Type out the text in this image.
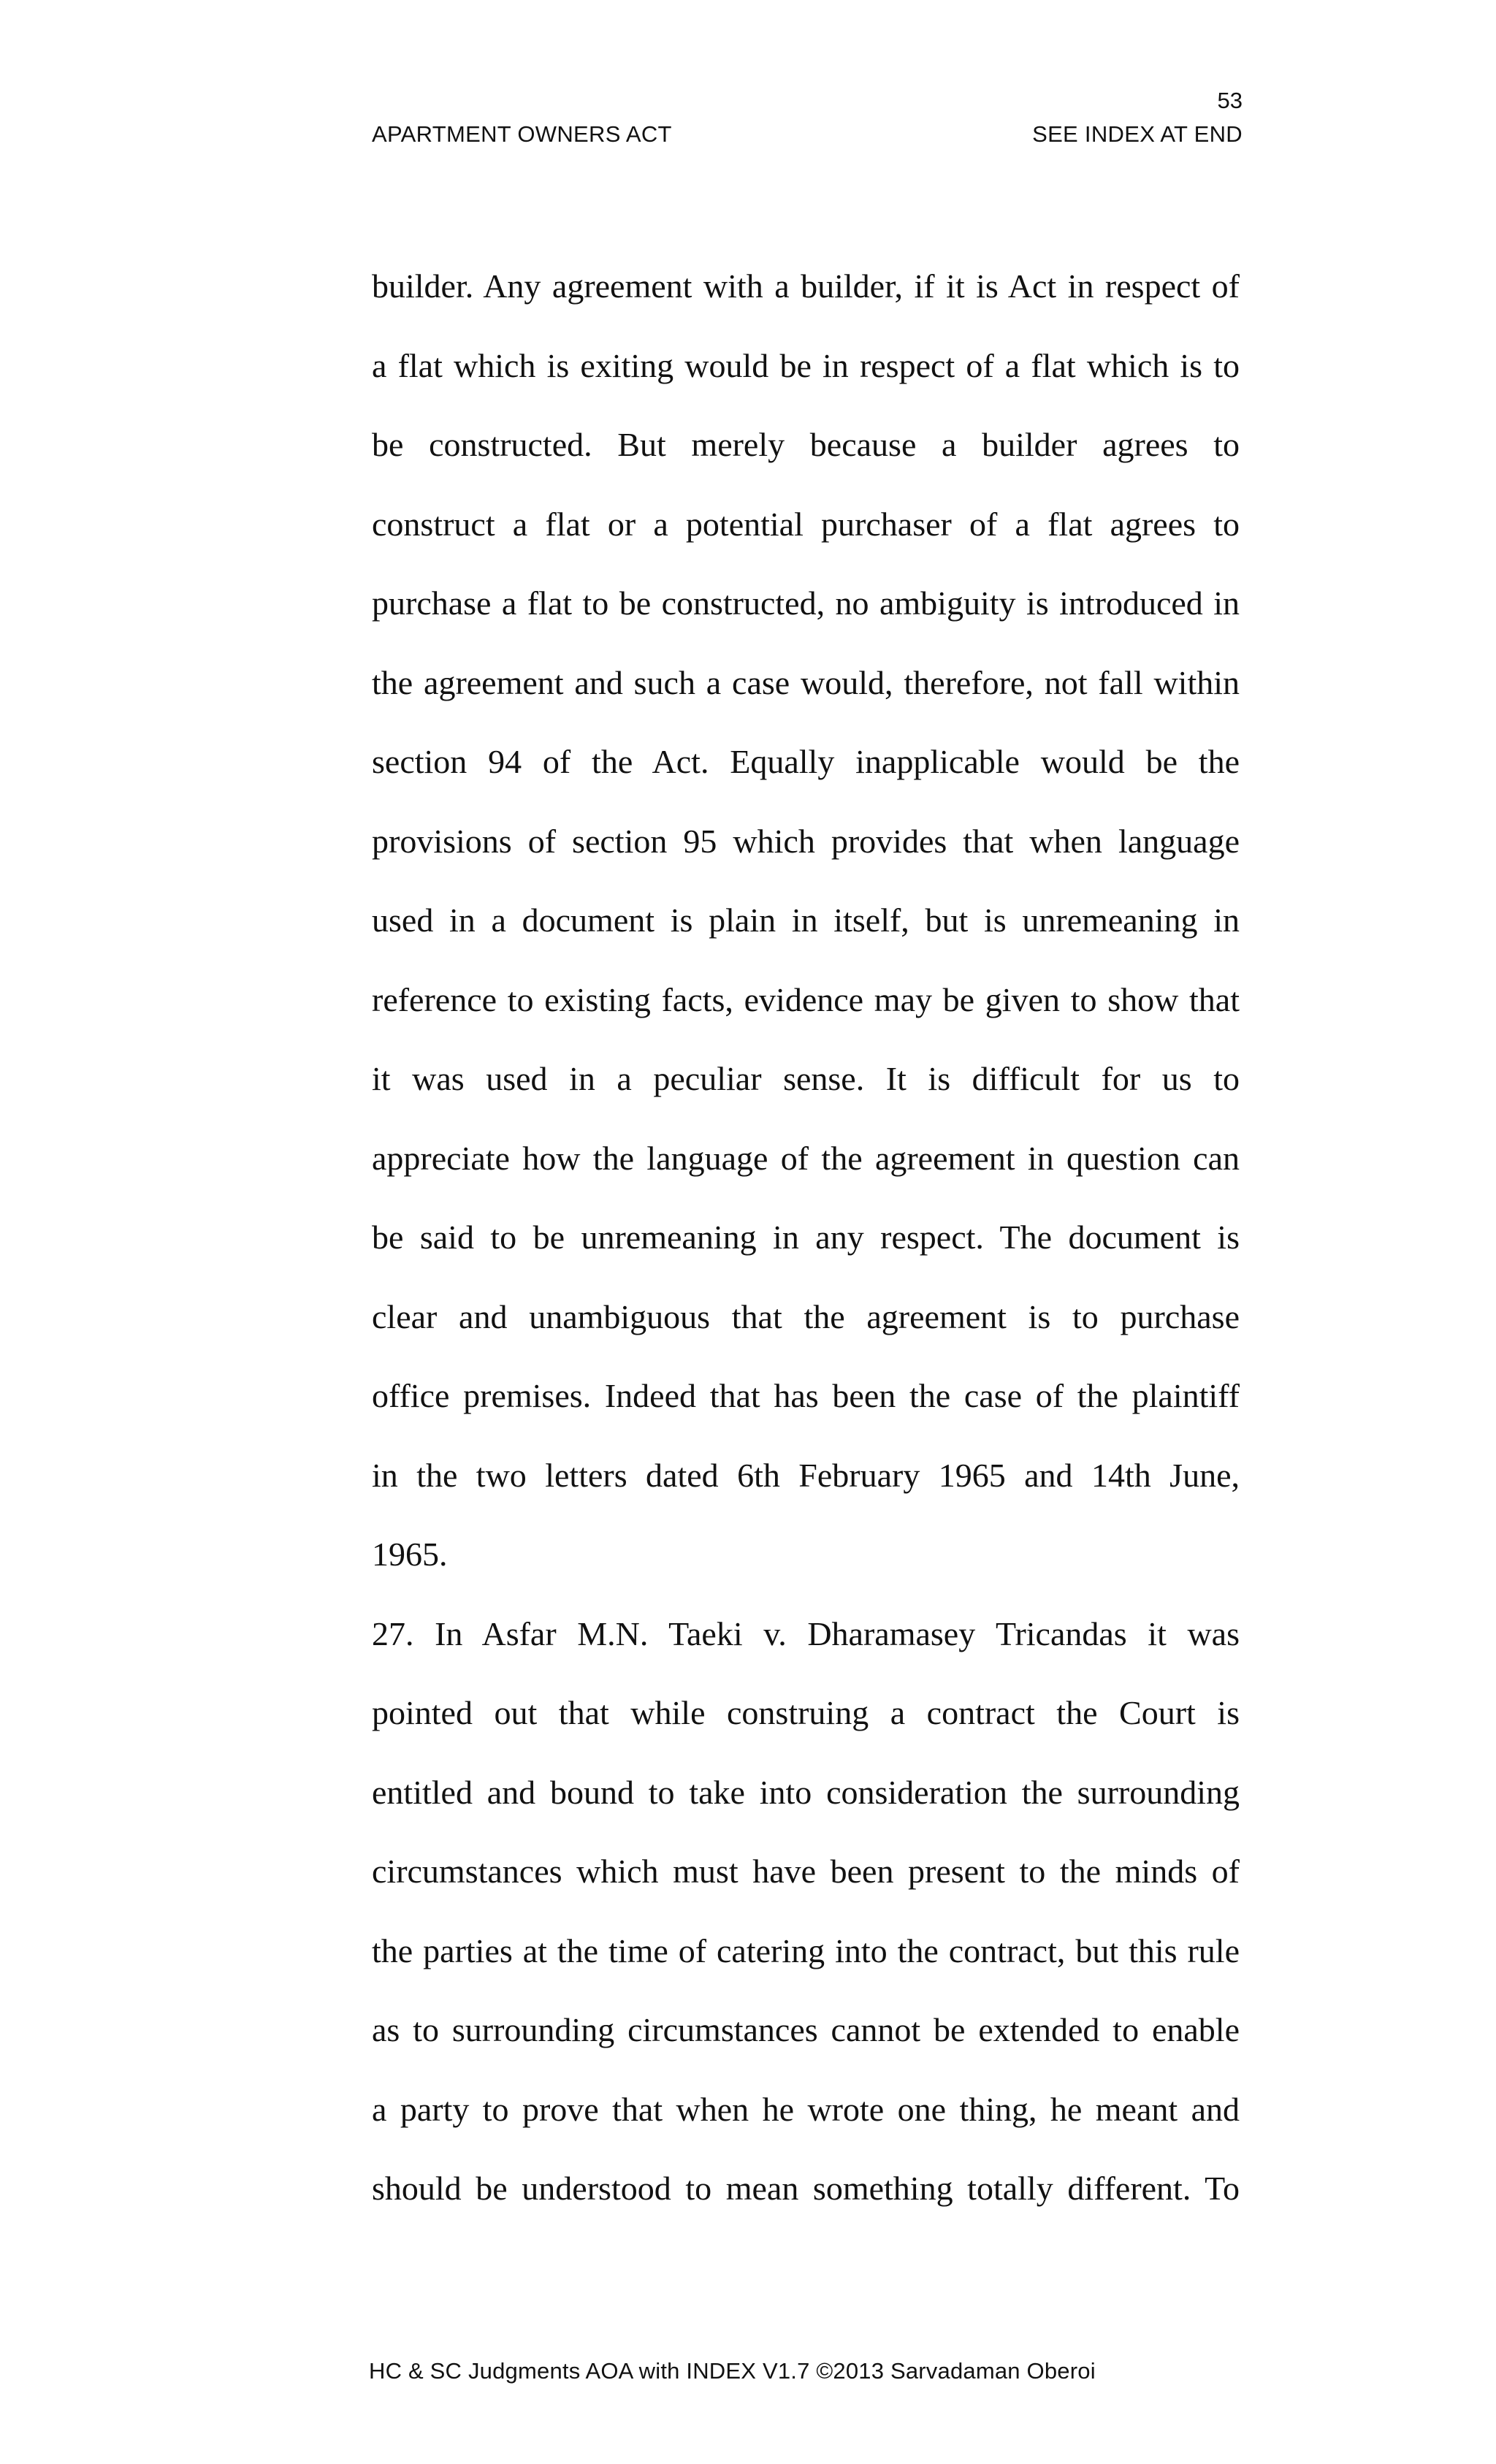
53
APARTMENT OWNERS ACT	SEE INDEX AT END
builder. Any agreement with a builder, if it is Act in respect of
a flat which is exiting would be in respect of a flat which is to
be constructed. But merely because a builder agrees to
construct a flat or a potential purchaser of a flat agrees to
purchase a flat to be constructed, no ambiguity is introduced in
the agreement and such a case would, therefore, not fall within
section 94 of the Act. Equally inapplicable would be the
provisions of section 95 which provides that when language
used in a document is plain in itself, but is unremeaning in
reference to existing facts, evidence may be given to show that
it was used in a peculiar sense. It is difficult for us to
appreciate how the language of the agreement in question can
be said to be unremeaning in any respect. The document is
clear and unambiguous that the agreement is to purchase
office premises. Indeed that has been the case of the plaintiff
in the two letters dated 6th February 1965 and 14th June,
1965.
27. In Asfar M.N. Taeki v. Dharamasey Tricandas it was
pointed out that while construing a contract the Court is
entitled and bound to take into consideration the surrounding
circumstances which must have been present to the minds of
the parties at the time of catering into the contract, but this rule
as to surrounding circumstances cannot be extended to enable
a party to prove that when he wrote one thing, he meant and
should be understood to mean something totally different. To
HC & SC Judgments AOA with INDEX V1.7 ©2013 Sarvadaman Oberoi
